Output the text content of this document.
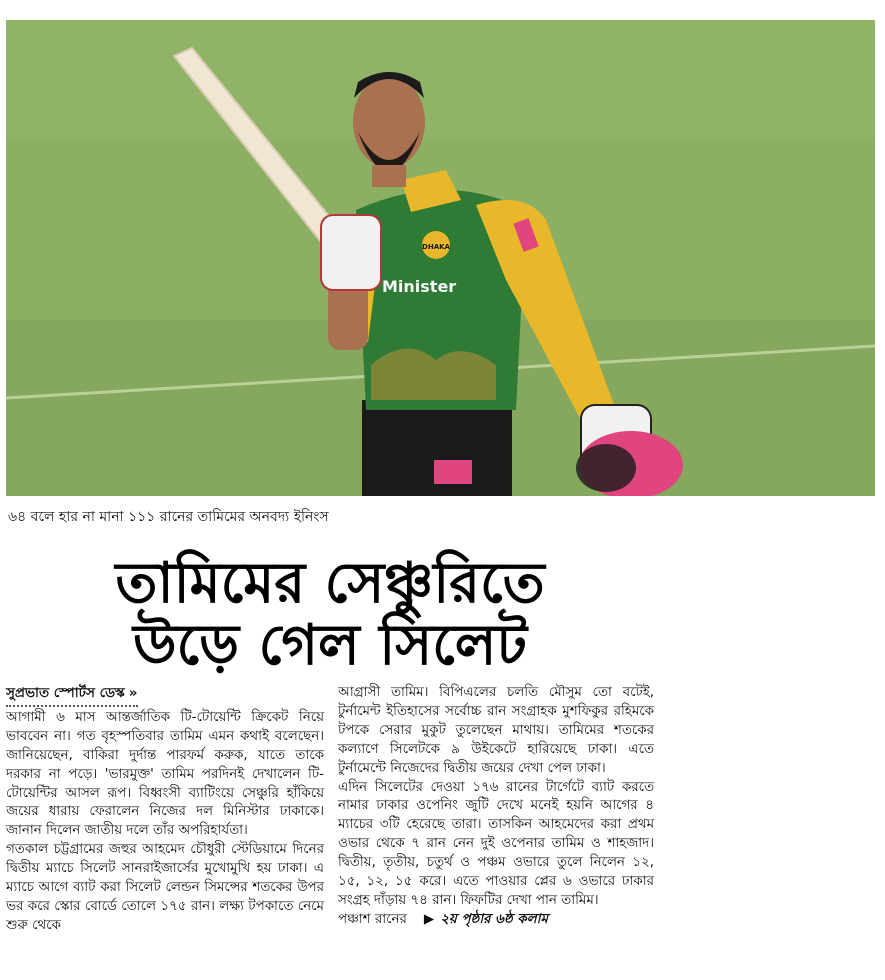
DHAKA
Minister
৬৪ বলে হার না মানা ১১১ রানের তামিমের অনবদ্য ইনিংস
তামিমের সেঞ্চুরিতে
উড়ে গেল সিলেট
সুপ্রভাত স্পোর্টস ডেস্ক »

আগামী ৬ মাস আন্তর্জাতিক টি-টোয়েন্টি ক্রিকেট নিয়ে ভাববেন না। গত বৃহস্পতিবার তামিম এমন কথাই বলেছেন। জানিয়েছেন, বাকিরা দুর্দান্ত পারফর্ম করুক, যাতে তাকে দরকার না পড়ে। 'ভারমুক্ত' তামিম পরদিনই দেখালেন টি-টোয়েন্টির আসল রূপ। বিধ্বংসী ব্যাটিংয়ে সেঞ্চুরি হাঁকিয়ে জয়ের ধারায় ফেরালেন নিজের দল মিনিস্টার ঢাকাকে। জানান দিলেন জাতীয় দলে তাঁর অপরিহার্যতা।

গতকাল চট্টগ্রামের জহুর আহমেদ চৌধুরী স্টেডিয়ামে দিনের দ্বিতীয় ম্যাচে সিলেট সানরাইজার্সের মুখোমুখি হয় ঢাকা। এ ম্যাচে আগে ব্যাট করা সিলেট লেন্ডন সিমন্সের শতকের উপর ভর করে স্কোর বোর্ডে তোলে ১৭৫ রান। লক্ষ্য টপকাতে নেমে শুরু থেকে

আগ্রাসী তামিম। বিপিএলের চলতি মৌসুম তো বটেই, টুর্নামেন্ট ইতিহাসের সর্বোচ্চ রান সংগ্রাহক মুশফিকুর রহিমকে টপকে সেরার মুকুট তুলেছেন মাথায়। তামিমের শতকের কল্যাণে সিলেটকে ৯ উইকেটে হারিয়েছে ঢাকা। এতে টুর্নামেন্টে নিজেদের দ্বিতীয় জয়ের দেখা পেল ঢাকা।

এদিন সিলেটের দেওয়া ১৭৬ রানের টার্গেটে ব্যাট করতে নামার ঢাকার ওপেনিং জুটি দেখে মনেই হয়নি আগের ৪ ম্যাচের ৩টি হেরেছে তারা। তাসকিন আহমেদের করা প্রথম ওভার থেকে ৭ রান নেন দুই ওপেনার তামিম ও শাহজাদ। দ্বিতীয়, তৃতীয়, চতুর্থ ও পঞ্চম ওভারে তুলে নিলেন ১২, ১৫, ১২, ১৫ করে। এতে পাওয়ার প্লের ৬ ওভারে ঢাকার সংগ্রহ দাঁড়ায় ৭৪ রান। ফিফটির দেখা পান তামিম।

পঞ্চাশ রানের ▶ ২য় পৃষ্ঠার ৬ষ্ঠ কলাম
